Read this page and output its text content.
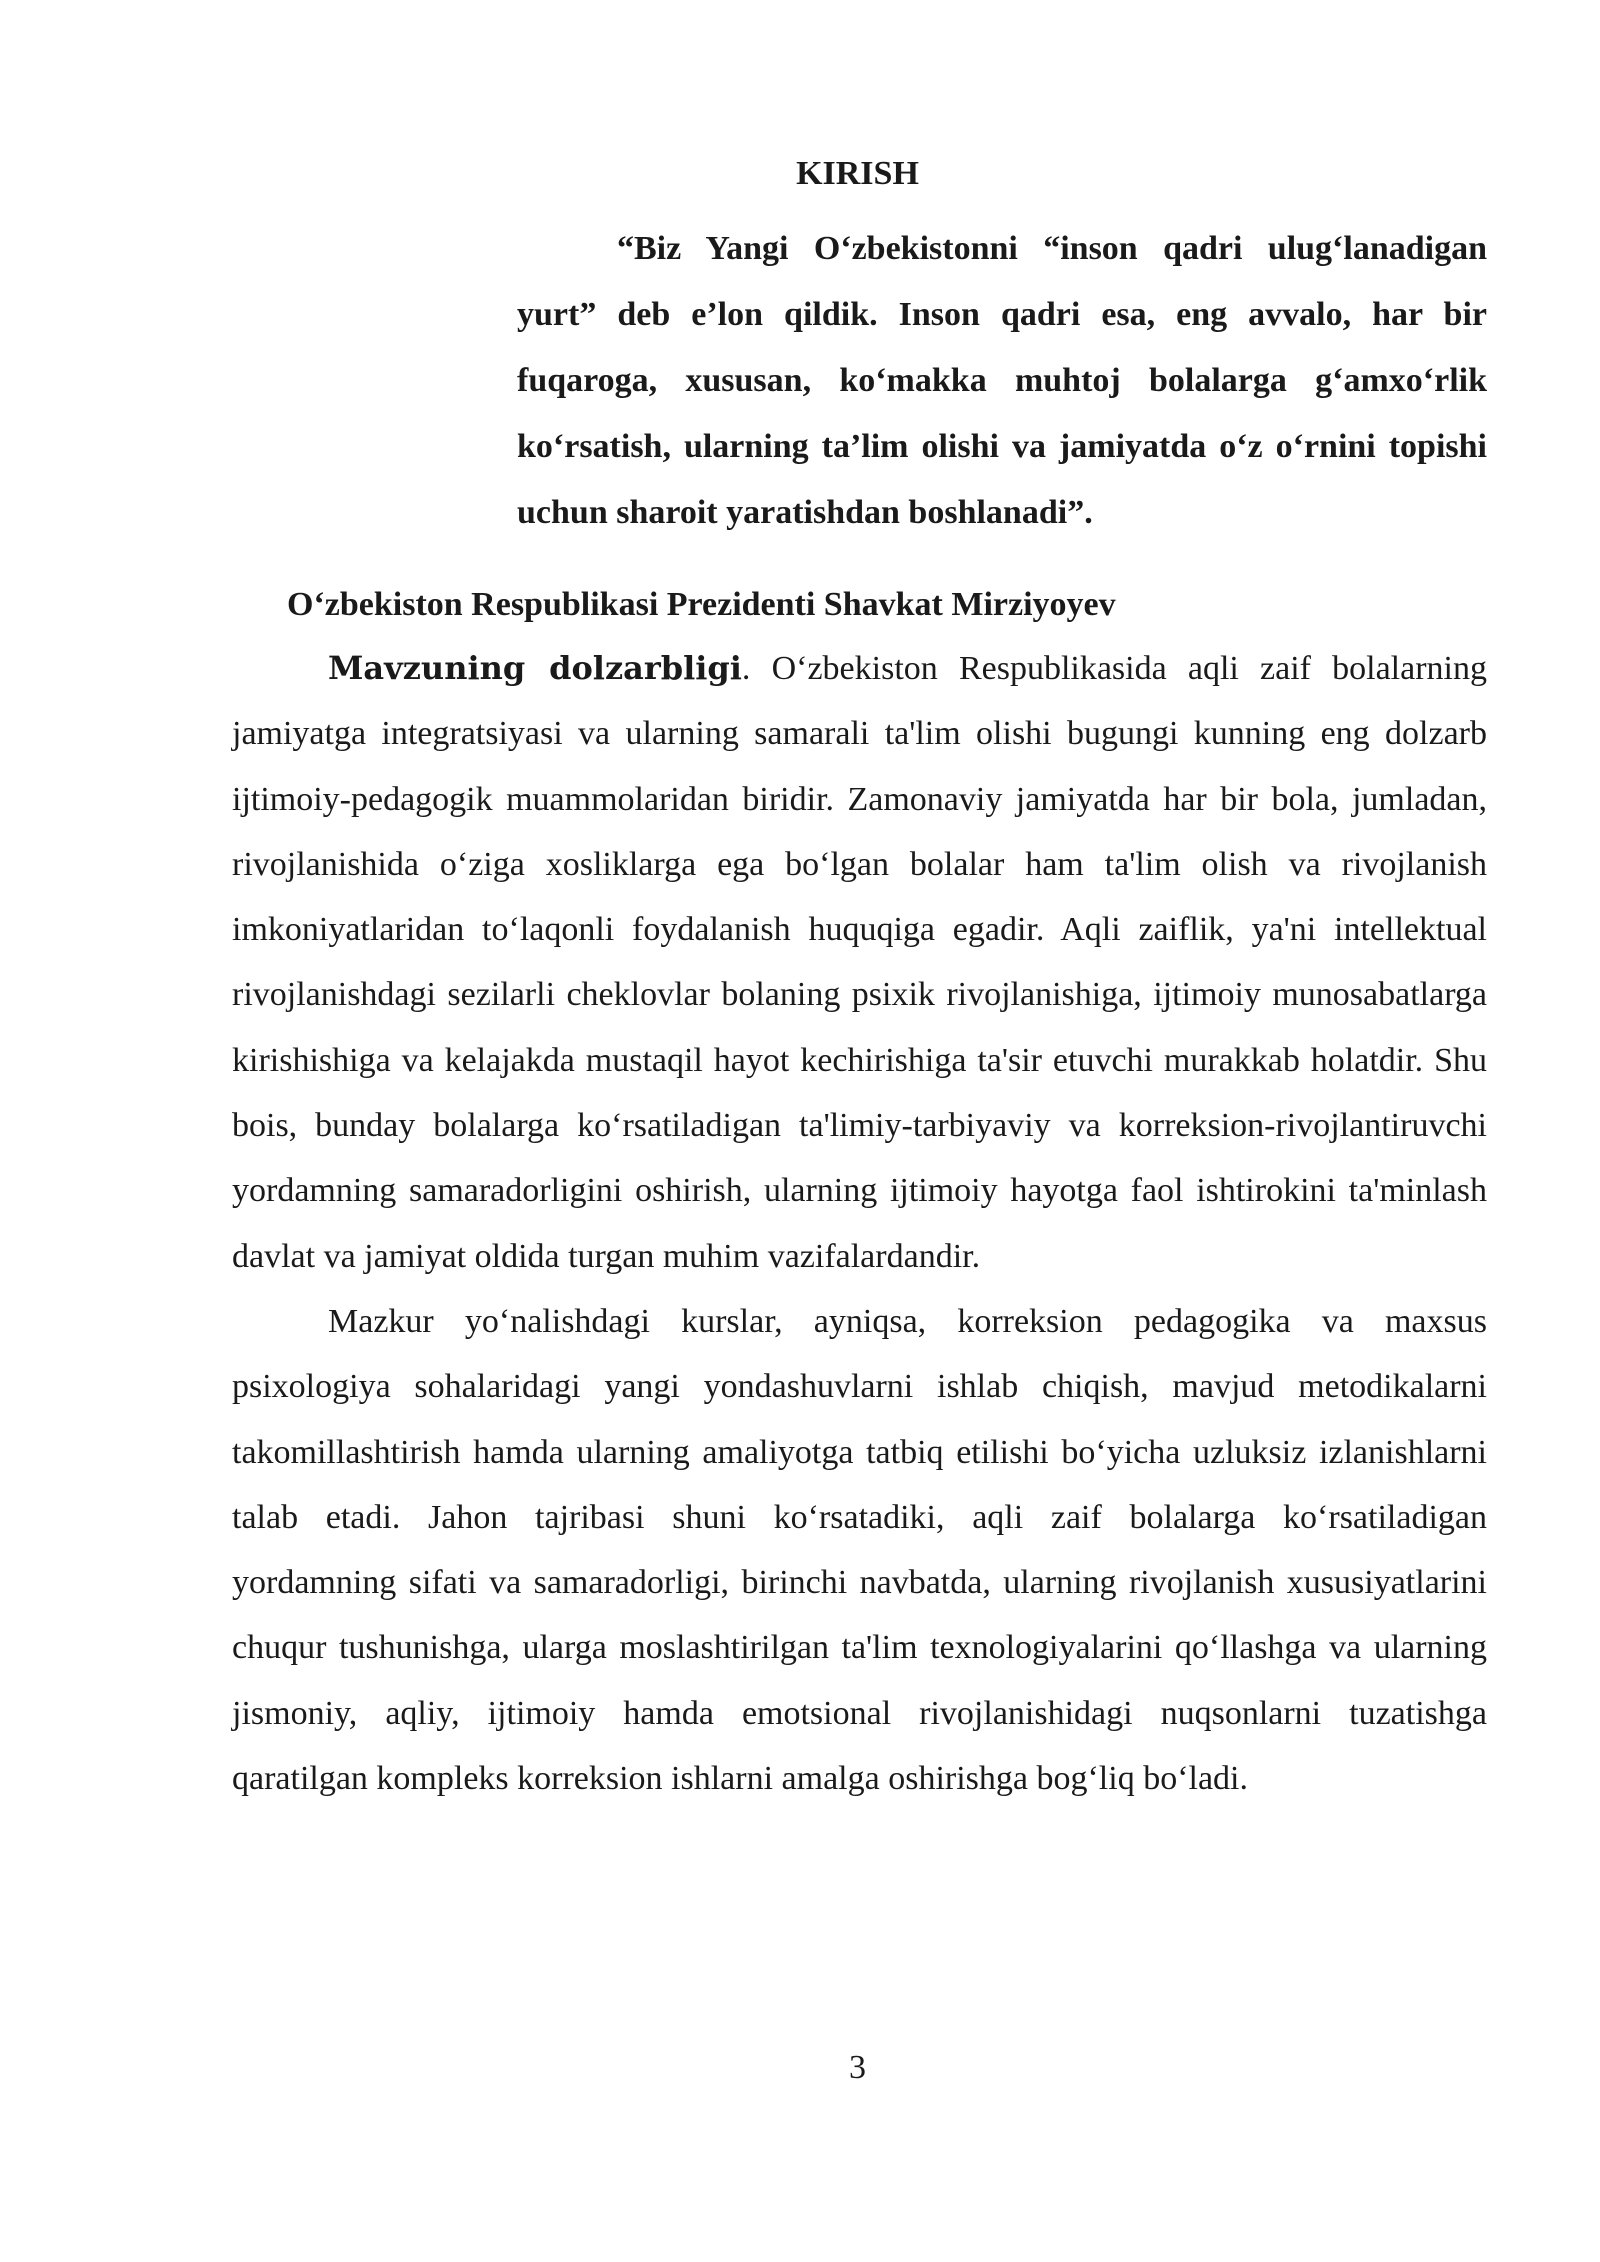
KIRISH

“Biz Yangi O‘zbekistonni “inson qadri ulug‘lanadigan yurt” deb e’lon qildik. Inson qadri esa, eng avvalo, har bir fuqaroga, xususan, ko‘makka muhtoj bolalarga g‘amxo‘rlik ko‘rsatish, ularning ta’lim olishi va jamiyatda o‘z o‘rnini topishi uchun sharoit yaratishdan boshlanadi”.

O‘zbekiston Respublikasi Prezidenti Shavkat Mirziyoyev

Mavzuning dolzarbligi. O‘zbekiston Respublikasida aqli zaif bolalarning jamiyatga integratsiyasi va ularning samarali ta'lim olishi bugungi kunning eng dolzarb ijtimoiy-pedagogik muammolaridan biridir. Zamonaviy jamiyatda har bir bola, jumladan, rivojlanishida o‘ziga xosliklarga ega bo‘lgan bolalar ham ta'lim olish va rivojlanish imkoniyatlaridan to‘laqonli foydalanish huquqiga egadir. Aqli zaiflik, ya'ni intellektual rivojlanishdagi sezilarli cheklovlar bolaning psixik rivojlanishiga, ijtimoiy munosabatlarga kirishishiga va kelajakda mustaqil hayot kechirishiga ta'sir etuvchi murakkab holatdir. Shu bois, bunday bolalarga ko‘rsatiladigan ta'limiy-tarbiyaviy va korreksion-rivojlantiruvchi yordamning samaradorligini oshirish, ularning ijtimoiy hayotga faol ishtirokini ta'minlash davlat va jamiyat oldida turgan muhim vazifalardandir.

Mazkur yo‘nalishdagi kurslar, ayniqsa, korreksion pedagogika va maxsus psixologiya sohalaridagi yangi yondashuvlarni ishlab chiqish, mavjud metodikalarni takomillashtirish hamda ularning amaliyotga tatbiq etilishi bo‘yicha uzluksiz izlanishlarni talab etadi. Jahon tajribasi shuni ko‘rsatadiki, aqli zaif bolalarga ko‘rsatiladigan yordamning sifati va samaradorligi, birinchi navbatda, ularning rivojlanish xususiyatlarini chuqur tushunishga, ularga moslashtirilgan ta'lim texnologiyalarini qo‘llashga va ularning jismoniy, aqliy, ijtimoiy hamda emotsional rivojlanishidagi nuqsonlarni tuzatishga qaratilgan kompleks korreksion ishlarni amalga oshirishga bog‘liq bo‘ladi.

3
